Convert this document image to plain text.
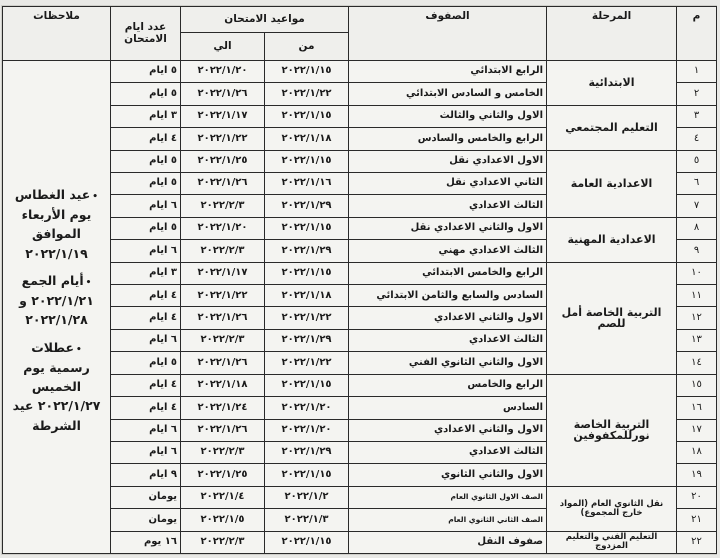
م	المرحلة	الصفوف	مواعيد الامتحان		عدد ايام الامتحان	ملاحظات
			من	الي		
١	الابتدائية	الرابع الابتدائي	٢٠٢٢/١/١٥	٢٠٢٢/١/٢٠	٥ ايام	•عيد الغطاس يوم الأربعاء الموافق ٢٠٢٢/١/١٩
•أيام الجمع ٢٠٢٢/١/٢١ و ٢٠٢٢/١/٢٨
•عطلات رسمية يوم الخميس ٢٠٢٢/١/٢٧ عيد الشرطة

٢		الخامس و السادس الابتدائي	٢٠٢٢/١/٢٢	٢٠٢٢/١/٢٦	٥ ايام	
٣	التعليم المجتمعي	الاول والثاني والثالث	٢٠٢٢/١/١٥	٢٠٢٢/١/١٧	٣ ايام	
٤		الرابع والخامس والسادس	٢٠٢٢/١/١٨	٢٠٢٢/١/٢٢	٤ ايام	
٥	الاعدادية العامة	الاول الاعدادي نقل	٢٠٢٢/١/١٥	٢٠٢٢/١/٢٥	٥ ايام	
٦		الثاني الاعدادي نقل	٢٠٢٢/١/١٦	٢٠٢٢/١/٢٦	٥ ايام	
٧		الثالث الاعدادي	٢٠٢٢/١/٢٩	٢٠٢٢/٢/٣	٦ ايام	
٨	الاعدادية المهنية	الاول والثاني الاعدادي نقل	٢٠٢٢/١/١٥	٢٠٢٢/١/٢٠	٥ ايام	
٩		الثالث الاعدادي مهني	٢٠٢٢/١/٢٩	٢٠٢٢/٢/٣	٦ ايام	
١٠	التربية الخاصة أمل للصم	الرابع والخامس الابتدائي	٢٠٢٢/١/١٥	٢٠٢٢/١/١٧	٣ ايام	
١١		السادس والسابع والثامن الابتدائي	٢٠٢٢/١/١٨	٢٠٢٢/١/٢٢	٤ ايام	
١٢		الاول والثاني الاعدادي	٢٠٢٢/١/٢٢	٢٠٢٢/١/٢٦	٤ ايام	
١٣		الثالث الاعدادي	٢٠٢٢/١/٢٩	٢٠٢٢/٢/٣	٦ ايام	
١٤		الاول والثاني الثانوي الفني	٢٠٢٢/١/٢٢	٢٠٢٢/١/٢٦	٥ ايام	
١٥	التربية الخاصة نورللمكفوفين	الرابع والخامس	٢٠٢٢/١/١٥	٢٠٢٢/١/١٨	٤ ايام	
١٦		السادس	٢٠٢٢/١/٢٠	٢٠٢٢/١/٢٤	٤ ايام	
١٧		الاول والثاني الاعدادي	٢٠٢٢/١/٢٠	٢٠٢٢/١/٢٦	٦ ايام	
١٨		الثالث الاعدادي	٢٠٢٢/١/٢٩	٢٠٢٢/٢/٣	٦ ايام	
١٩		الاول والثاني الثانوي	٢٠٢٢/١/١٥	٢٠٢٢/١/٢٥	٩ ايام	
٢٠	نقل الثانوي العام (المواد خارج المجموع)	الصف الاول الثانوي العام	٢٠٢٢/١/٢	٢٠٢٢/١/٤	يومان	
٢١		الصف الثاني الثانوي العام	٢٠٢٢/١/٣	٢٠٢٢/١/٥	يومان	
٢٢	التعليم الفني والتعليم المزدوج	صفوف النقل	٢٠٢٢/١/١٥	٢٠٢٢/٢/٣	١٦ يوم	
